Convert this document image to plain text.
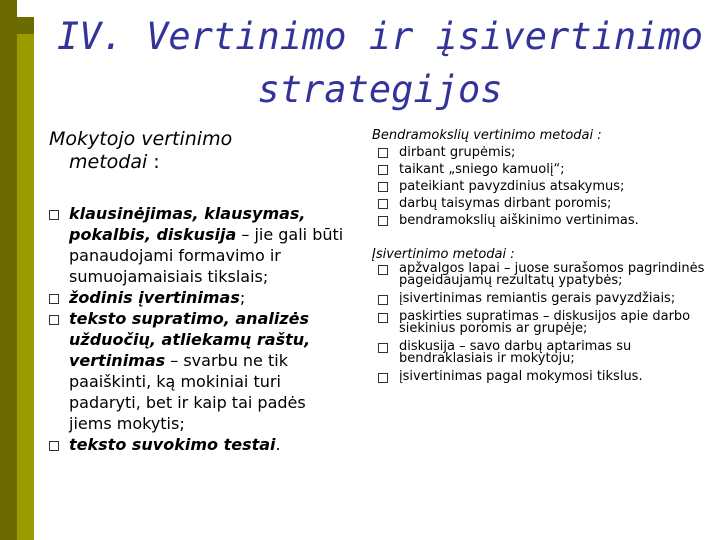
IV. Vertinimo ir įsivertinimo
strategijos
Mokytojo vertinimo
metodai :
klausinėjimas, klausymas, pokalbis, diskusija – jie gali būti panaudojami formavimo ir sumuojamaisiais tikslais;
žodinis įvertinimas;
teksto supratimo, analizės užduočių, atliekamų raštu, vertinimas – svarbu ne tik paaiškinti, ką mokiniai turi padaryti, bet ir kaip tai padės jiems mokytis;
teksto suvokimo testai.
Bendramokslių vertinimo metodai :
dirbant grupėmis;
taikant „sniego kamuolį“;
pateikiant pavyzdinius atsakymus;
darbų taisymas dirbant poromis;
bendramokslių aiškinimo vertinimas.
Įsivertinimo metodai :
apžvalgos lapai – juose surašomos pagrindinės pageidaujamų rezultatų ypatybės;
įsivertinimas remiantis gerais pavyzdžiais;
paskirties supratimas – diskusijos apie darbo siekinius poromis ar grupėje;
diskusija – savo darbų aptarimas su bendraklasiais ir mokytoju;
įsivertinimas pagal mokymosi tikslus.
